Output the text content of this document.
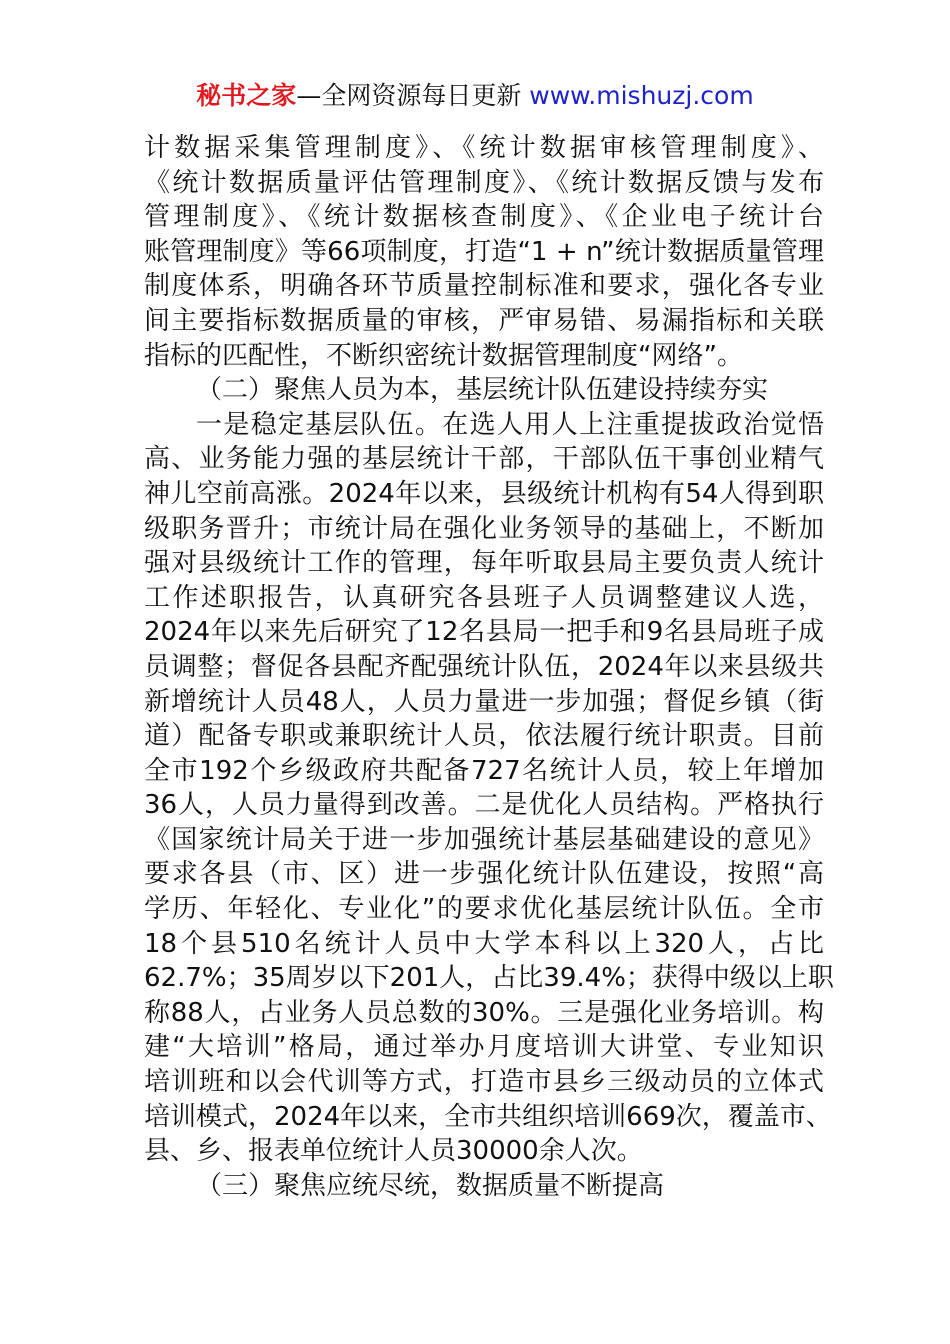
秘书之家—全网资源每日更新 www.mishuzj.com
计数据采集管理制度》、《统计数据审核管理制度》、
《统计数据质量评估管理制度》、《统计数据反馈与发布
管理制度》、《统计数据核查制度》、《企业电子统计台
账管理制度》等66项制度，打造“1 + n”统计数据质量管理
制度体系，明确各环节质量控制标准和要求，强化各专业
间主要指标数据质量的审核，严审易错、易漏指标和关联
指标的匹配性，不断织密统计数据管理制度“网络”。
（二）聚焦人员为本，基层统计队伍建设持续夯实
一是稳定基层队伍。在选人用人上注重提拔政治觉悟
高、业务能力强的基层统计干部，干部队伍干事创业精气
神儿空前高涨。2024年以来，县级统计机构有54人得到职
级职务晋升；市统计局在强化业务领导的基础上，不断加
强对县级统计工作的管理，每年听取县局主要负责人统计
工作述职报告，认真研究各县班子人员调整建议人选，
2024年以来先后研究了12名县局一把手和9名县局班子成
员调整；督促各县配齐配强统计队伍，2024年以来县级共
新增统计人员48人，人员力量进一步加强；督促乡镇（街
道）配备专职或兼职统计人员，依法履行统计职责。目前
全市192个乡级政府共配备727名统计人员，较上年增加
36人，人员力量得到改善。二是优化人员结构。严格执行
《国家统计局关于进一步加强统计基层基础建设的意见》
要求各县（市、区）进一步强化统计队伍建设，按照“高
学历、年轻化、专业化”的要求优化基层统计队伍。全市
18个县510名统计人员中大学本科以上320人，占比
62.7%；35周岁以下201人，占比39.4%；获得中级以上职
称88人，占业务人员总数的30%。三是强化业务培训。构
建“大培训”格局，通过举办月度培训大讲堂、专业知识
培训班和以会代训等方式，打造市县乡三级动员的立体式
培训模式，2024年以来，全市共组织培训669次，覆盖市、
县、乡、报表单位统计人员30000余人次。
（三）聚焦应统尽统，数据质量不断提高
